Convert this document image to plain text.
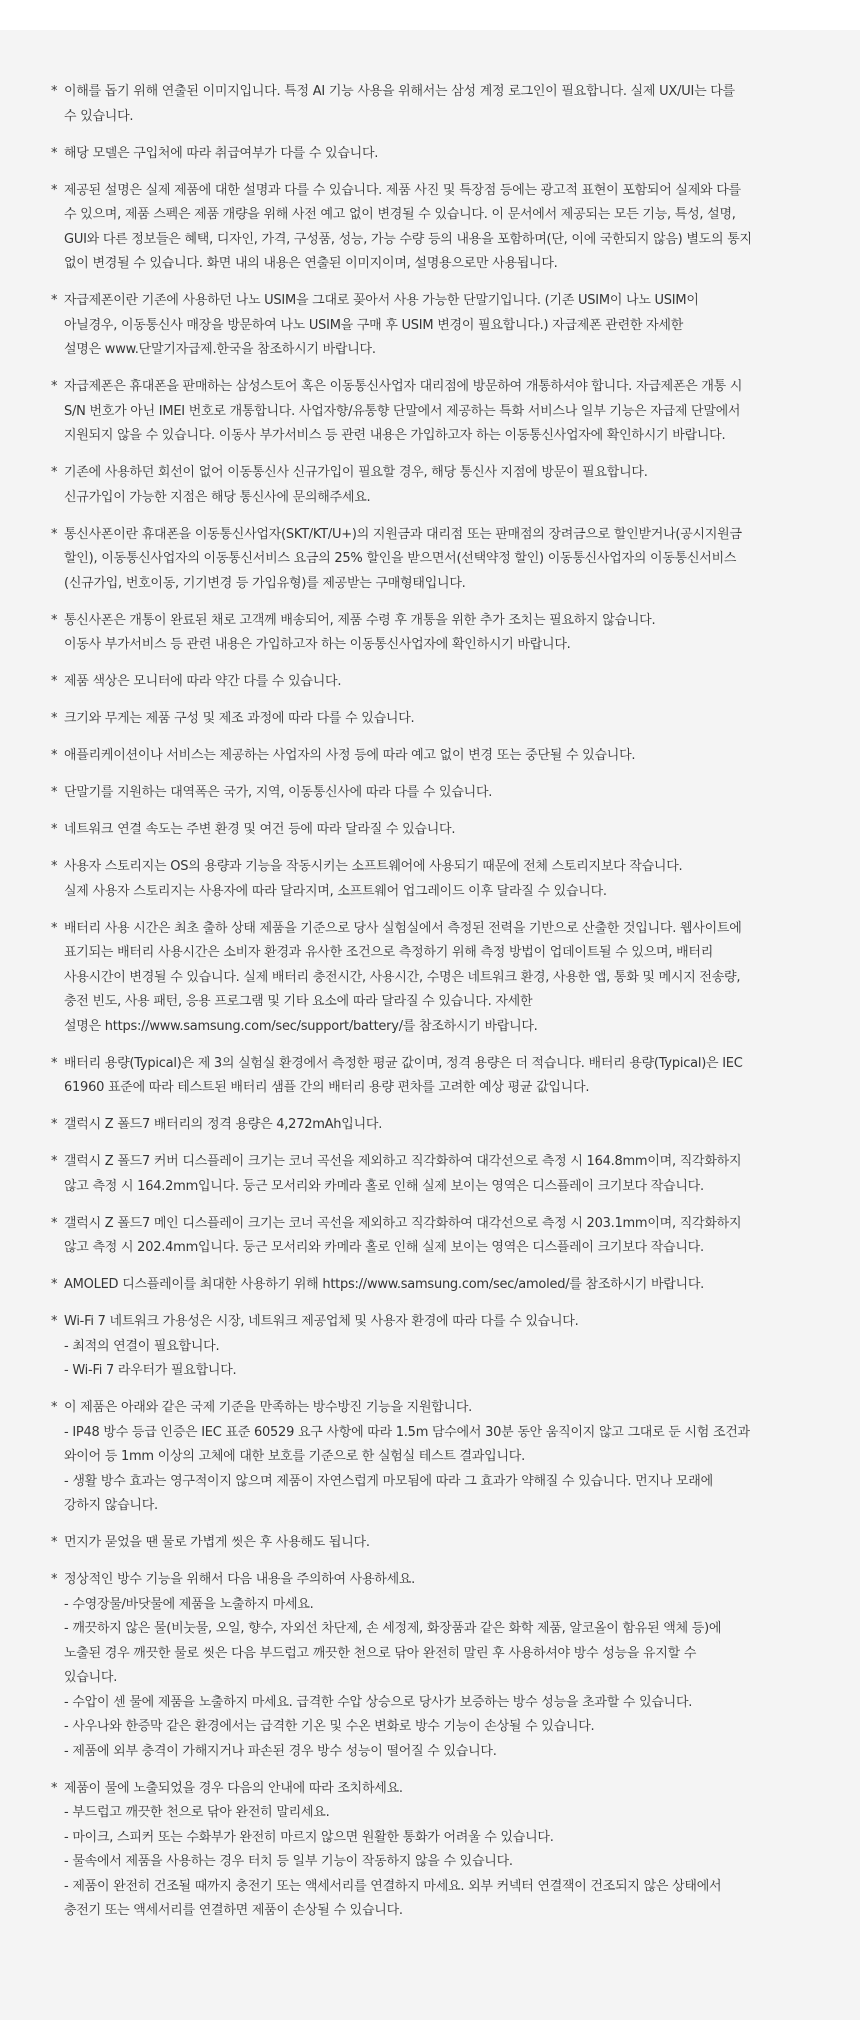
* 이해를 돕기 위해 연출된 이미지입니다. 특정 AI 기능 사용을 위해서는 삼성 계정 로그인이 필요합니다. 실제 UX/UI는 다를
수 있습니다.
* 해당 모델은 구입처에 따라 취급여부가 다를 수 있습니다.
* 제공된 설명은 실제 제품에 대한 설명과 다를 수 있습니다. 제품 사진 및 특장점 등에는 광고적 표현이 포함되어 실제와 다를
수 있으며, 제품 스펙은 제품 개량을 위해 사전 예고 없이 변경될 수 있습니다. 이 문서에서 제공되는 모든 기능, 특성, 설명,
GUI와 다른 정보들은 혜택, 디자인, 가격, 구성품, 성능, 가능 수량 등의 내용을 포함하며(단, 이에 국한되지 않음) 별도의 통지
없이 변경될 수 있습니다. 화면 내의 내용은 연출된 이미지이며, 설명용으로만 사용됩니다.
* 자급제폰이란 기존에 사용하던 나노 USIM을 그대로 꽂아서 사용 가능한 단말기입니다. (기존 USIM이 나노 USIM이
아닐경우, 이동통신사 매장을 방문하여 나노 USIM을 구매 후 USIM 변경이 필요합니다.) 자급제폰 관련한 자세한
설명은 www.단말기자급제.한국을 참조하시기 바랍니다.
* 자급제폰은 휴대폰을 판매하는 삼성스토어 혹은 이동통신사업자 대리점에 방문하여 개통하셔야 합니다. 자급제폰은 개통 시
S/N 번호가 아닌 IMEI 번호로 개통합니다. 사업자향/유통향 단말에서 제공하는 특화 서비스나 일부 기능은 자급제 단말에서
지원되지 않을 수 있습니다. 이동사 부가서비스 등 관련 내용은 가입하고자 하는 이동통신사업자에 확인하시기 바랍니다.
* 기존에 사용하던 회선이 없어 이동통신사 신규가입이 필요할 경우, 해당 통신사 지점에 방문이 필요합니다.
신규가입이 가능한 지점은 해당 통신사에 문의해주세요.
* 통신사폰이란 휴대폰을 이동통신사업자(SKT/KT/U+)의 지원금과 대리점 또는 판매점의 장려금으로 할인받거나(공시지원금
할인), 이동통신사업자의 이동통신서비스 요금의 25% 할인을 받으면서(선택약정 할인) 이동통신사업자의 이동통신서비스
(신규가입, 번호이동, 기기변경 등 가입유형)를 제공받는 구매형태입니다.
* 통신사폰은 개통이 완료된 채로 고객께 배송되어, 제품 수령 후 개통을 위한 추가 조치는 필요하지 않습니다.
이동사 부가서비스 등 관련 내용은 가입하고자 하는 이동통신사업자에 확인하시기 바랍니다.
* 제품 색상은 모니터에 따라 약간 다를 수 있습니다.
* 크기와 무게는 제품 구성 및 제조 과정에 따라 다를 수 있습니다.
* 애플리케이션이나 서비스는 제공하는 사업자의 사정 등에 따라 예고 없이 변경 또는 중단될 수 있습니다.
* 단말기를 지원하는 대역폭은 국가, 지역, 이동통신사에 따라 다를 수 있습니다.
* 네트워크 연결 속도는 주변 환경 및 여건 등에 따라 달라질 수 있습니다.
* 사용자 스토리지는 OS의 용량과 기능을 작동시키는 소프트웨어에 사용되기 때문에 전체 스토리지보다 작습니다.
실제 사용자 스토리지는 사용자에 따라 달라지며, 소프트웨어 업그레이드 이후 달라질 수 있습니다.
* 배터리 사용 시간은 최초 출하 상태 제품을 기준으로 당사 실험실에서 측정된 전력을 기반으로 산출한 것입니다. 웹사이트에
표기되는 배터리 사용시간은 소비자 환경과 유사한 조건으로 측정하기 위해 측정 방법이 업데이트될 수 있으며, 배터리
사용시간이 변경될 수 있습니다. 실제 배터리 충전시간, 사용시간, 수명은 네트워크 환경, 사용한 앱, 통화 및 메시지 전송량,
충전 빈도, 사용 패턴, 응용 프로그램 및 기타 요소에 따라 달라질 수 있습니다. 자세한
설명은 https://www.samsung.com/sec/support/battery/를 참조하시기 바랍니다.
* 배터리 용량(Typical)은 제 3의 실험실 환경에서 측정한 평균 값이며, 정격 용량은 더 적습니다. 배터리 용량(Typical)은 IEC
61960 표준에 따라 테스트된 배터리 샘플 간의 배터리 용량 편차를 고려한 예상 평균 값입니다.
* 갤럭시 Z 폴드7 배터리의 정격 용량은 4,272mAh입니다.
* 갤럭시 Z 폴드7 커버 디스플레이 크기는 코너 곡선을 제외하고 직각화하여 대각선으로 측정 시 164.8mm이며, 직각화하지
않고 측정 시 164.2mm입니다. 둥근 모서리와 카메라 홀로 인해 실제 보이는 영역은 디스플레이 크기보다 작습니다.
* 갤럭시 Z 폴드7 메인 디스플레이 크기는 코너 곡선을 제외하고 직각화하여 대각선으로 측정 시 203.1mm이며, 직각화하지
않고 측정 시 202.4mm입니다. 둥근 모서리와 카메라 홀로 인해 실제 보이는 영역은 디스플레이 크기보다 작습니다.
* AMOLED 디스플레이를 최대한 사용하기 위해 https://www.samsung.com/sec/amoled/를 참조하시기 바랍니다.
* Wi-Fi 7 네트워크 가용성은 시장, 네트워크 제공업체 및 사용자 환경에 따라 다를 수 있습니다.
- 최적의 연결이 필요합니다.
- Wi-Fi 7 라우터가 필요합니다.
* 이 제품은 아래와 같은 국제 기준을 만족하는 방수방진 기능을 지원합니다.
- IP48 방수 등급 인증은 IEC 표준 60529 요구 사항에 따라 1.5m 담수에서 30분 동안 움직이지 않고 그대로 둔 시험 조건과
와이어 등 1mm 이상의 고체에 대한 보호를 기준으로 한 실험실 테스트 결과입니다.
- 생활 방수 효과는 영구적이지 않으며 제품이 자연스럽게 마모됨에 따라 그 효과가 약해질 수 있습니다. 먼지나 모래에
강하지 않습니다.
* 먼지가 묻었을 땐 물로 가볍게 씻은 후 사용해도 됩니다.
* 정상적인 방수 기능을 위해서 다음 내용을 주의하여 사용하세요.
- 수영장물/바닷물에 제품을 노출하지 마세요.
- 깨끗하지 않은 물(비눗물, 오일, 향수, 자외선 차단제, 손 세정제, 화장품과 같은 화학 제품, 알코올이 함유된 액체 등)에
노출된 경우 깨끗한 물로 씻은 다음 부드럽고 깨끗한 천으로 닦아 완전히 말린 후 사용하셔야 방수 성능을 유지할 수
있습니다.
- 수압이 센 물에 제품을 노출하지 마세요. 급격한 수압 상승으로 당사가 보증하는 방수 성능을 초과할 수 있습니다.
- 사우나와 한증막 같은 환경에서는 급격한 기온 및 수온 변화로 방수 기능이 손상될 수 있습니다.
- 제품에 외부 충격이 가해지거나 파손된 경우 방수 성능이 떨어질 수 있습니다.
* 제품이 물에 노출되었을 경우 다음의 안내에 따라 조치하세요.
- 부드럽고 깨끗한 천으로 닦아 완전히 말리세요.
- 마이크, 스피커 또는 수화부가 완전히 마르지 않으면 원활한 통화가 어려울 수 있습니다.
- 물속에서 제품을 사용하는 경우 터치 등 일부 기능이 작동하지 않을 수 있습니다.
- 제품이 완전히 건조될 때까지 충전기 또는 액세서리를 연결하지 마세요. 외부 커넥터 연결잭이 건조되지 않은 상태에서
충전기 또는 액세서리를 연결하면 제품이 손상될 수 있습니다.
